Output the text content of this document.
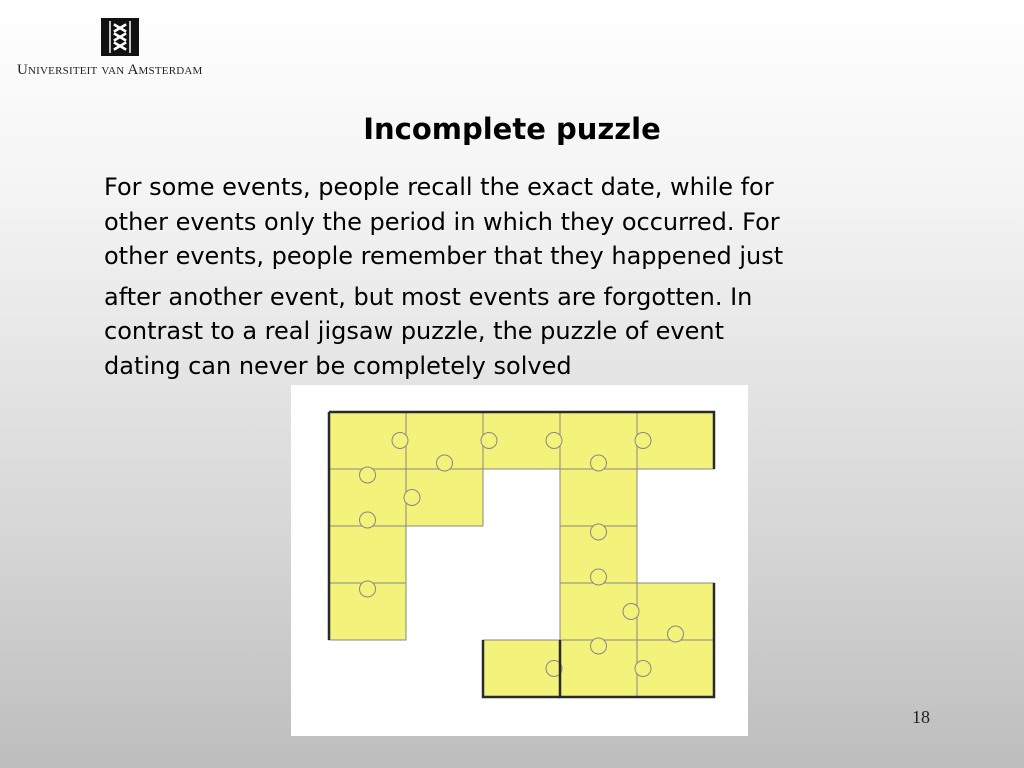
Universiteit van Amsterdam
Incomplete puzzle
For some events, people recall the exact date, while for
other events only the period in which they occurred. For
other events, people remember that they happened just
after another event, but most events are forgotten. In
contrast to a real jigsaw puzzle, the puzzle of event
dating can never be completely solved
18
